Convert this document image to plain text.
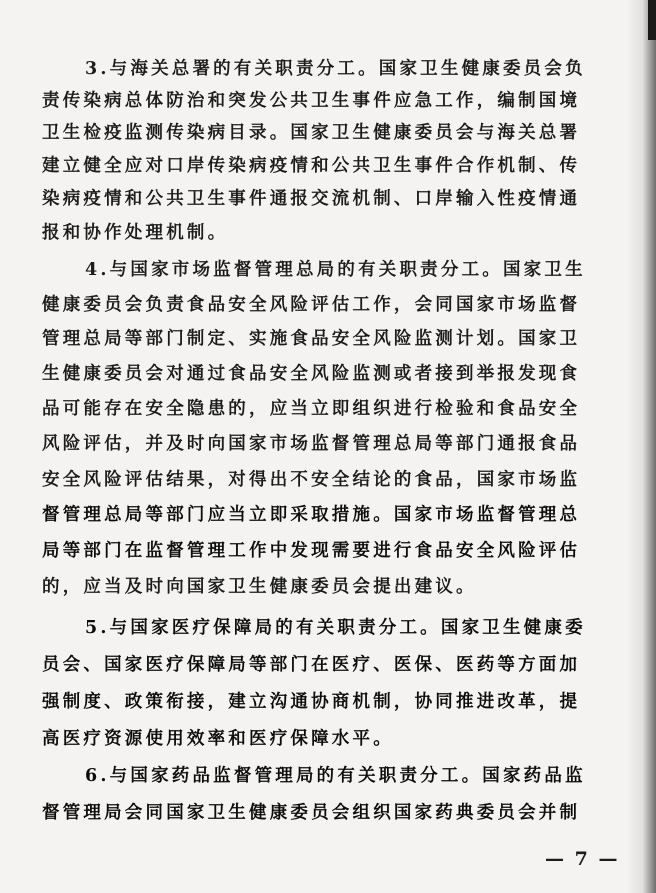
3.与海关总署的有关职责分工。国家卫生健康委员会负
责传染病总体防治和突发公共卫生事件应急工作，编制国境
卫生检疫监测传染病目录。国家卫生健康委员会与海关总署
建立健全应对口岸传染病疫情和公共卫生事件合作机制、传
染病疫情和公共卫生事件通报交流机制、口岸输入性疫情通
报和协作处理机制。
4.与国家市场监督管理总局的有关职责分工。国家卫生
健康委员会负责食品安全风险评估工作，会同国家市场监督
管理总局等部门制定、实施食品安全风险监测计划。国家卫
生健康委员会对通过食品安全风险监测或者接到举报发现食
品可能存在安全隐患的，应当立即组织进行检验和食品安全
风险评估，并及时向国家市场监督管理总局等部门通报食品
安全风险评估结果，对得出不安全结论的食品，国家市场监
督管理总局等部门应当立即采取措施。国家市场监督管理总
局等部门在监督管理工作中发现需要进行食品安全风险评估
的，应当及时向国家卫生健康委员会提出建议。
5.与国家医疗保障局的有关职责分工。国家卫生健康委
员会、国家医疗保障局等部门在医疗、医保、医药等方面加
强制度、政策衔接，建立沟通协商机制，协同推进改革，提
高医疗资源使用效率和医疗保障水平。
6.与国家药品监督管理局的有关职责分工。国家药品监
督管理局会同国家卫生健康委员会组织国家药典委员会并制
— 7 —
